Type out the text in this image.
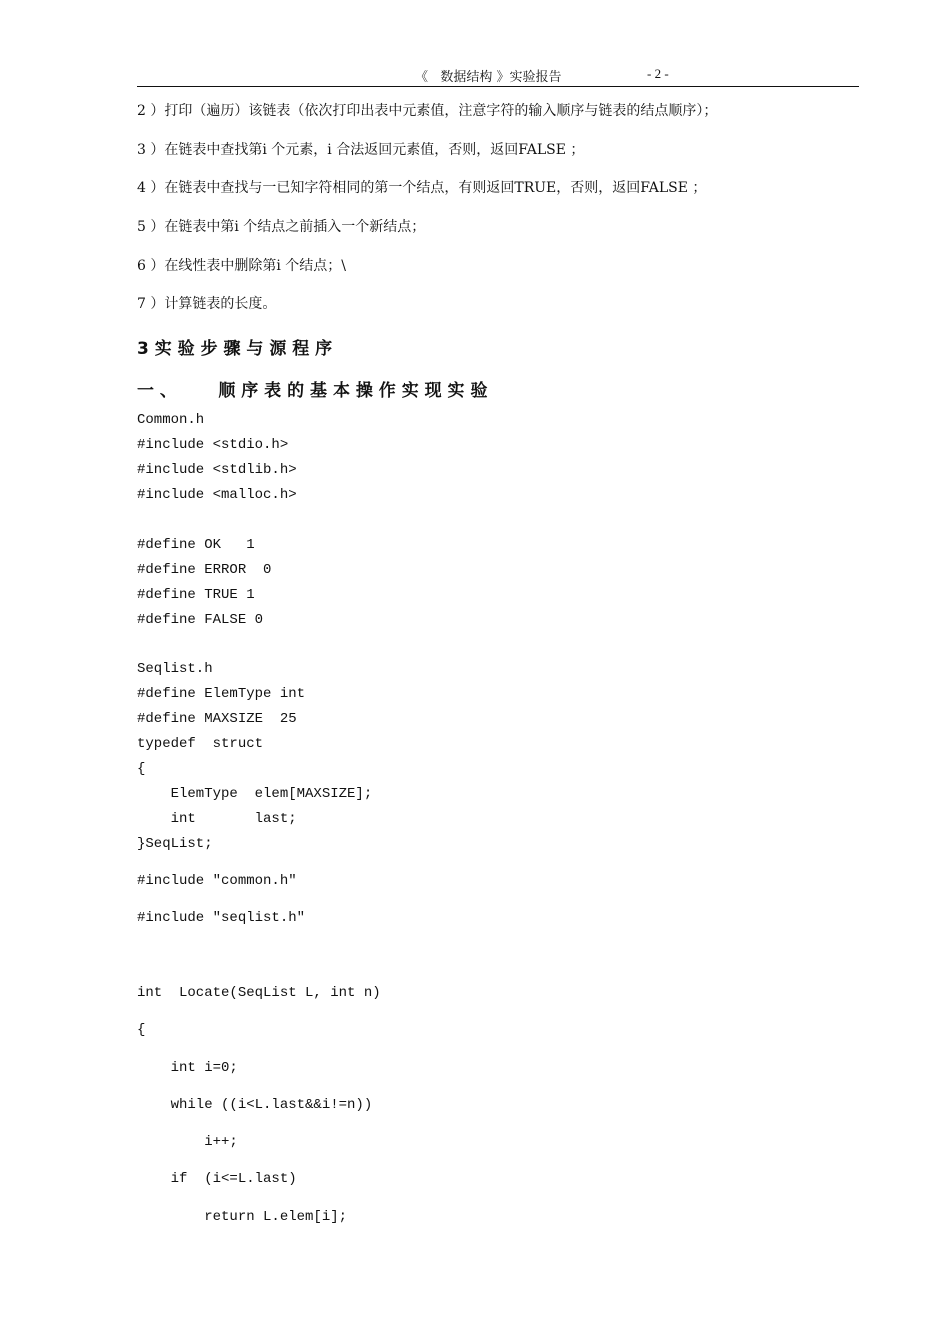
《   数据结构 》实验报告	- 2 -
2 ）打印（遍历）该链表（依次打印出表中元素值，注意字符的输入顺序与链表的结点顺序）；
3 ）在链表中查找第i 个元素，i 合法返回元素值，否则，返回FALSE ；
4 ）在链表中查找与一已知字符相同的第一个结点，有则返回TRUE，否则，返回FALSE ；
5 ）在链表中第i 个结点之前插入一个新结点；
6 ）在线性表中删除第i 个结点；\
7 ）计算链表的长度。
3 实 验 步 骤 与 源 程 序
一 、       顺 序 表 的 基 本 操 作 实 现 实 验
Common.h
#include <stdio.h>
#include <stdlib.h>
#include <malloc.h>
#define OK   1
#define ERROR  0
#define TRUE 1
#define FALSE 0
Seqlist.h
#define ElemType int
#define MAXSIZE  25
typedef  struct
{
ElemType  elem[MAXSIZE];
int       last;
}SeqList;
#include "common.h"
#include "seqlist.h"
int  Locate(SeqList L, int n)
{
int i=0;
while ((i<L.last&&i!=n))
i++;
if  (i<=L.last)
return L.elem[i];
